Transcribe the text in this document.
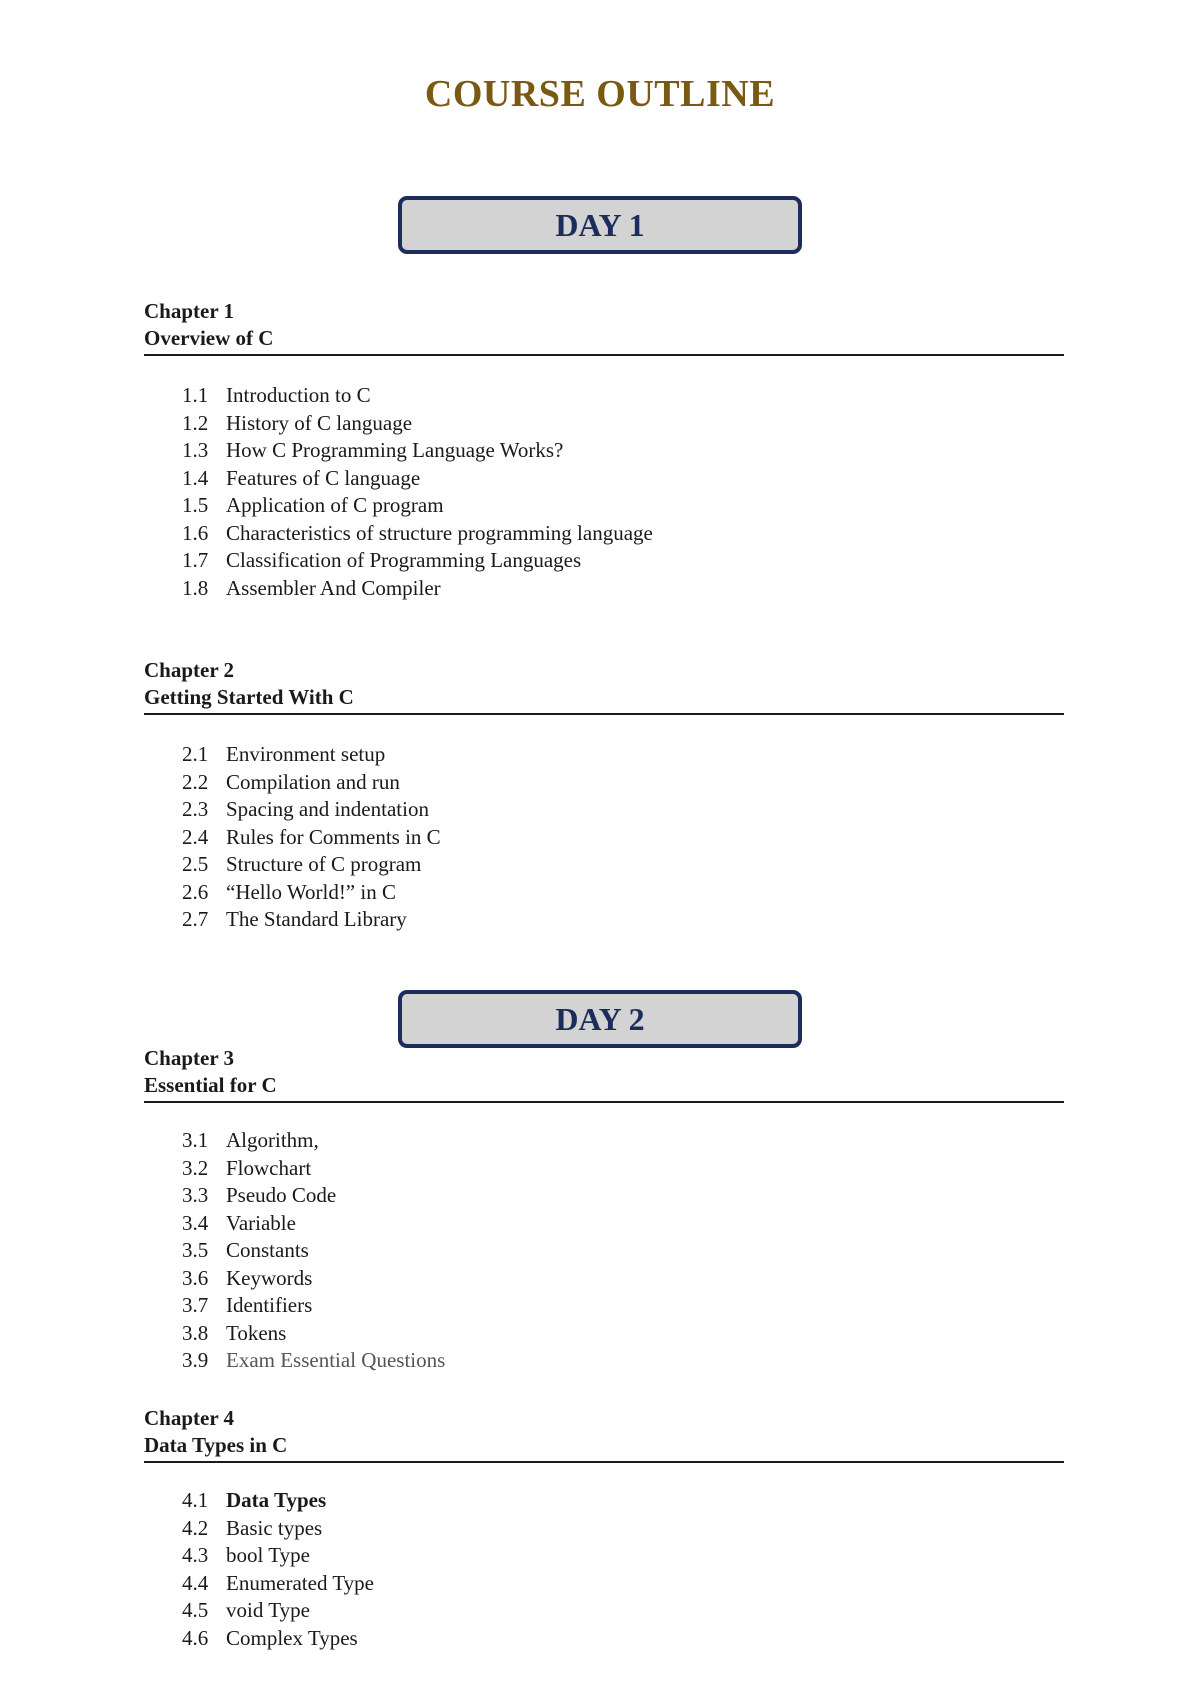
COURSE OUTLINE
DAY 1
Chapter 1
Overview of C
1.1 Introduction to C
1.2 History of C language
1.3 How C Programming Language Works?
1.4 Features of C language
1.5 Application of C program
1.6 Characteristics of structure programming language
1.7 Classification of Programming Languages
1.8 Assembler And Compiler
Chapter 2
Getting Started With C
2.1 Environment setup
2.2 Compilation and run
2.3 Spacing and indentation
2.4 Rules for Comments in C
2.5 Structure of C program
2.6 “Hello World!” in C
2.7 The Standard Library
DAY 2
Chapter 3
Essential for C
3.1 Algorithm,
3.2 Flowchart
3.3 Pseudo Code
3.4 Variable
3.5 Constants
3.6 Keywords
3.7 Identifiers
3.8 Tokens
3.9 Exam Essential Questions
Chapter 4
Data Types in C
4.1 Data Types
4.2 Basic types
4.3 bool Type
4.4 Enumerated Type
4.5 void Type
4.6 Complex Types
